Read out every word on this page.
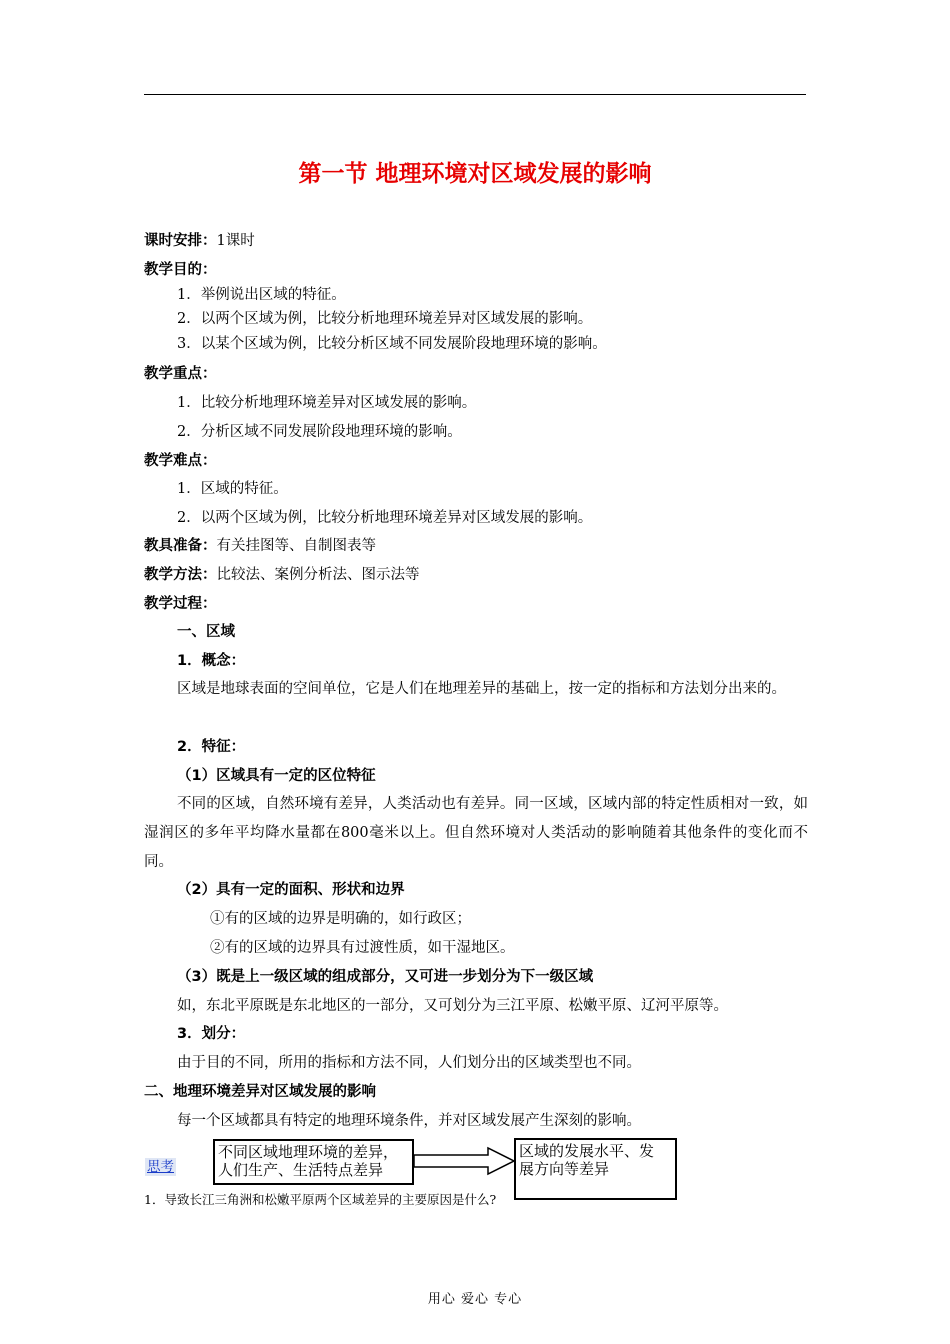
第一节 地理环境对区域发展的影响
课时安排：1课时
教学目的：
1．举例说出区域的特征。
2．以两个区域为例，比较分析地理环境差异对区域发展的影响。
3．以某个区域为例，比较分析区域不同发展阶段地理环境的影响。
教学重点：
1．比较分析地理环境差异对区域发展的影响。
2．分析区域不同发展阶段地理环境的影响。
教学难点：
1．区域的特征。
2．以两个区域为例，比较分析地理环境差异对区域发展的影响。
教具准备：有关挂图等、自制图表等
教学方法：比较法、案例分析法、图示法等
教学过程：
一、区域
1．概念：
区域是地球表面的空间单位，它是人们在地理差异的基础上，按一定的指标和方法划分出来的。
2．特征：
（1）区域具有一定的区位特征
不同的区域，自然环境有差异，人类活动也有差异。同一区域，区域内部的特定性质相对一致，如湿润区的多年平均降水量都在800毫米以上。但自然环境对人类活动的影响随着其他条件的变化而不同。
（2）具有一定的面积、形状和边界
①有的区域的边界是明确的，如行政区；
②有的区域的边界具有过渡性质，如干湿地区。
（3）既是上一级区域的组成部分，又可进一步划分为下一级区域
如，东北平原既是东北地区的一部分，又可划分为三江平原、松嫩平原、辽河平原等。
3．划分：
由于目的不同，所用的指标和方法不同，人们划分出的区域类型也不同。
二、地理环境差异对区域发展的影响
每一个区域都具有特定的地理环境条件，并对区域发展产生深刻的影响。
思考
1．导致长江三角洲和松嫩平原两个区域差异的主要原因是什么?
不同区域地理环境的差异，
人们生产、生活特点差异
区域的发展水平、发
展方向等差异
用心 爱心 专心
